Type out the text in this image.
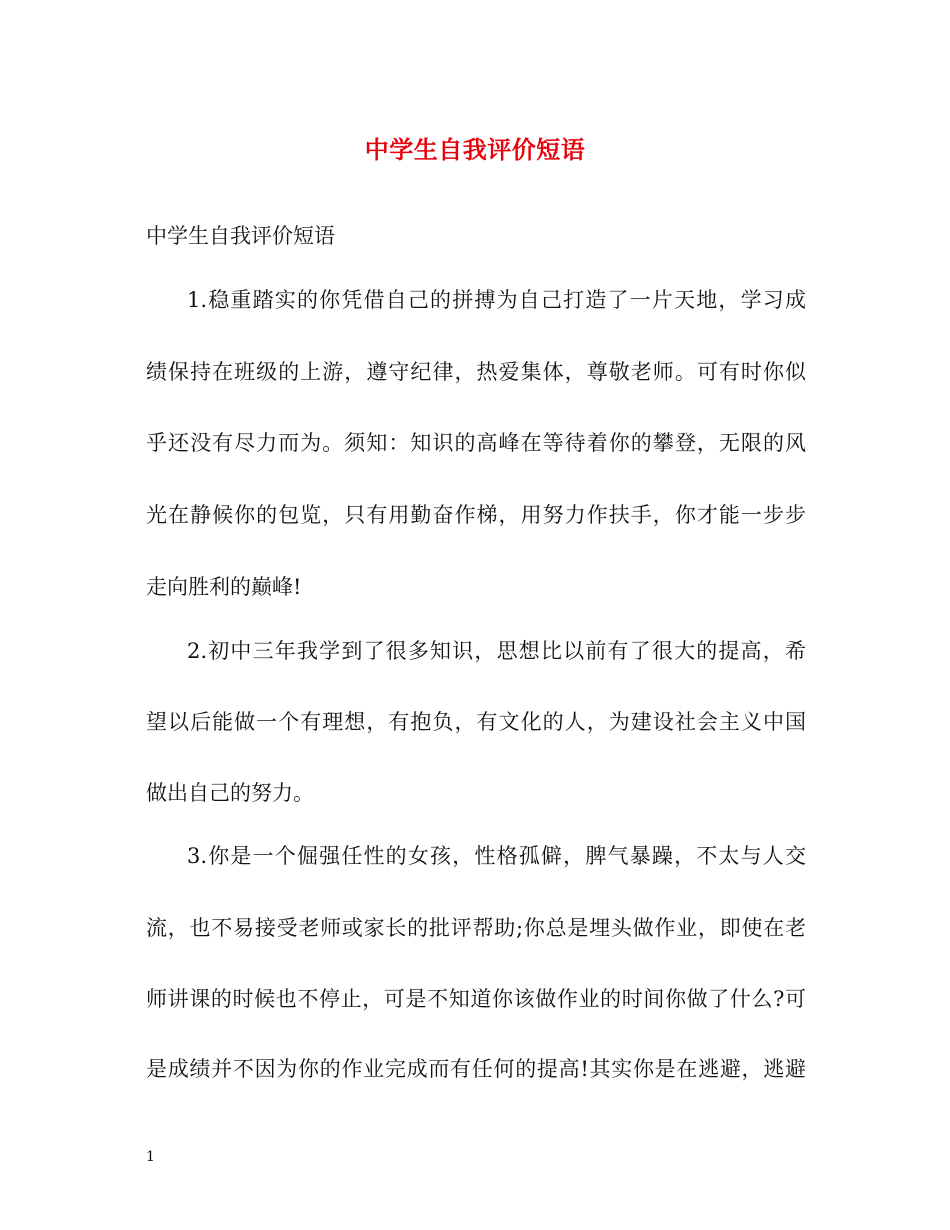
中学生自我评价短语
中学生自我评价短语
1.稳重踏实的你凭借自己的拼搏为自己打造了一片天地，学习成
绩保持在班级的上游，遵守纪律，热爱集体，尊敬老师。可有时你似
乎还没有尽力而为。须知：知识的高峰在等待着你的攀登，无限的风
光在静候你的包览，只有用勤奋作梯，用努力作扶手，你才能一步步
走向胜利的巅峰!
2.初中三年我学到了很多知识，思想比以前有了很大的提高，希
望以后能做一个有理想，有抱负，有文化的人，为建设社会主义中国
做出自己的努力。
3.你是一个倔强任性的女孩，性格孤僻，脾气暴躁，不太与人交
流，也不易接受老师或家长的批评帮助;你总是埋头做作业，即使在老
师讲课的时候也不停止，可是不知道你该做作业的时间你做了什么?可
是成绩并不因为你的作业完成而有任何的提高!其实你是在逃避，逃避
1
